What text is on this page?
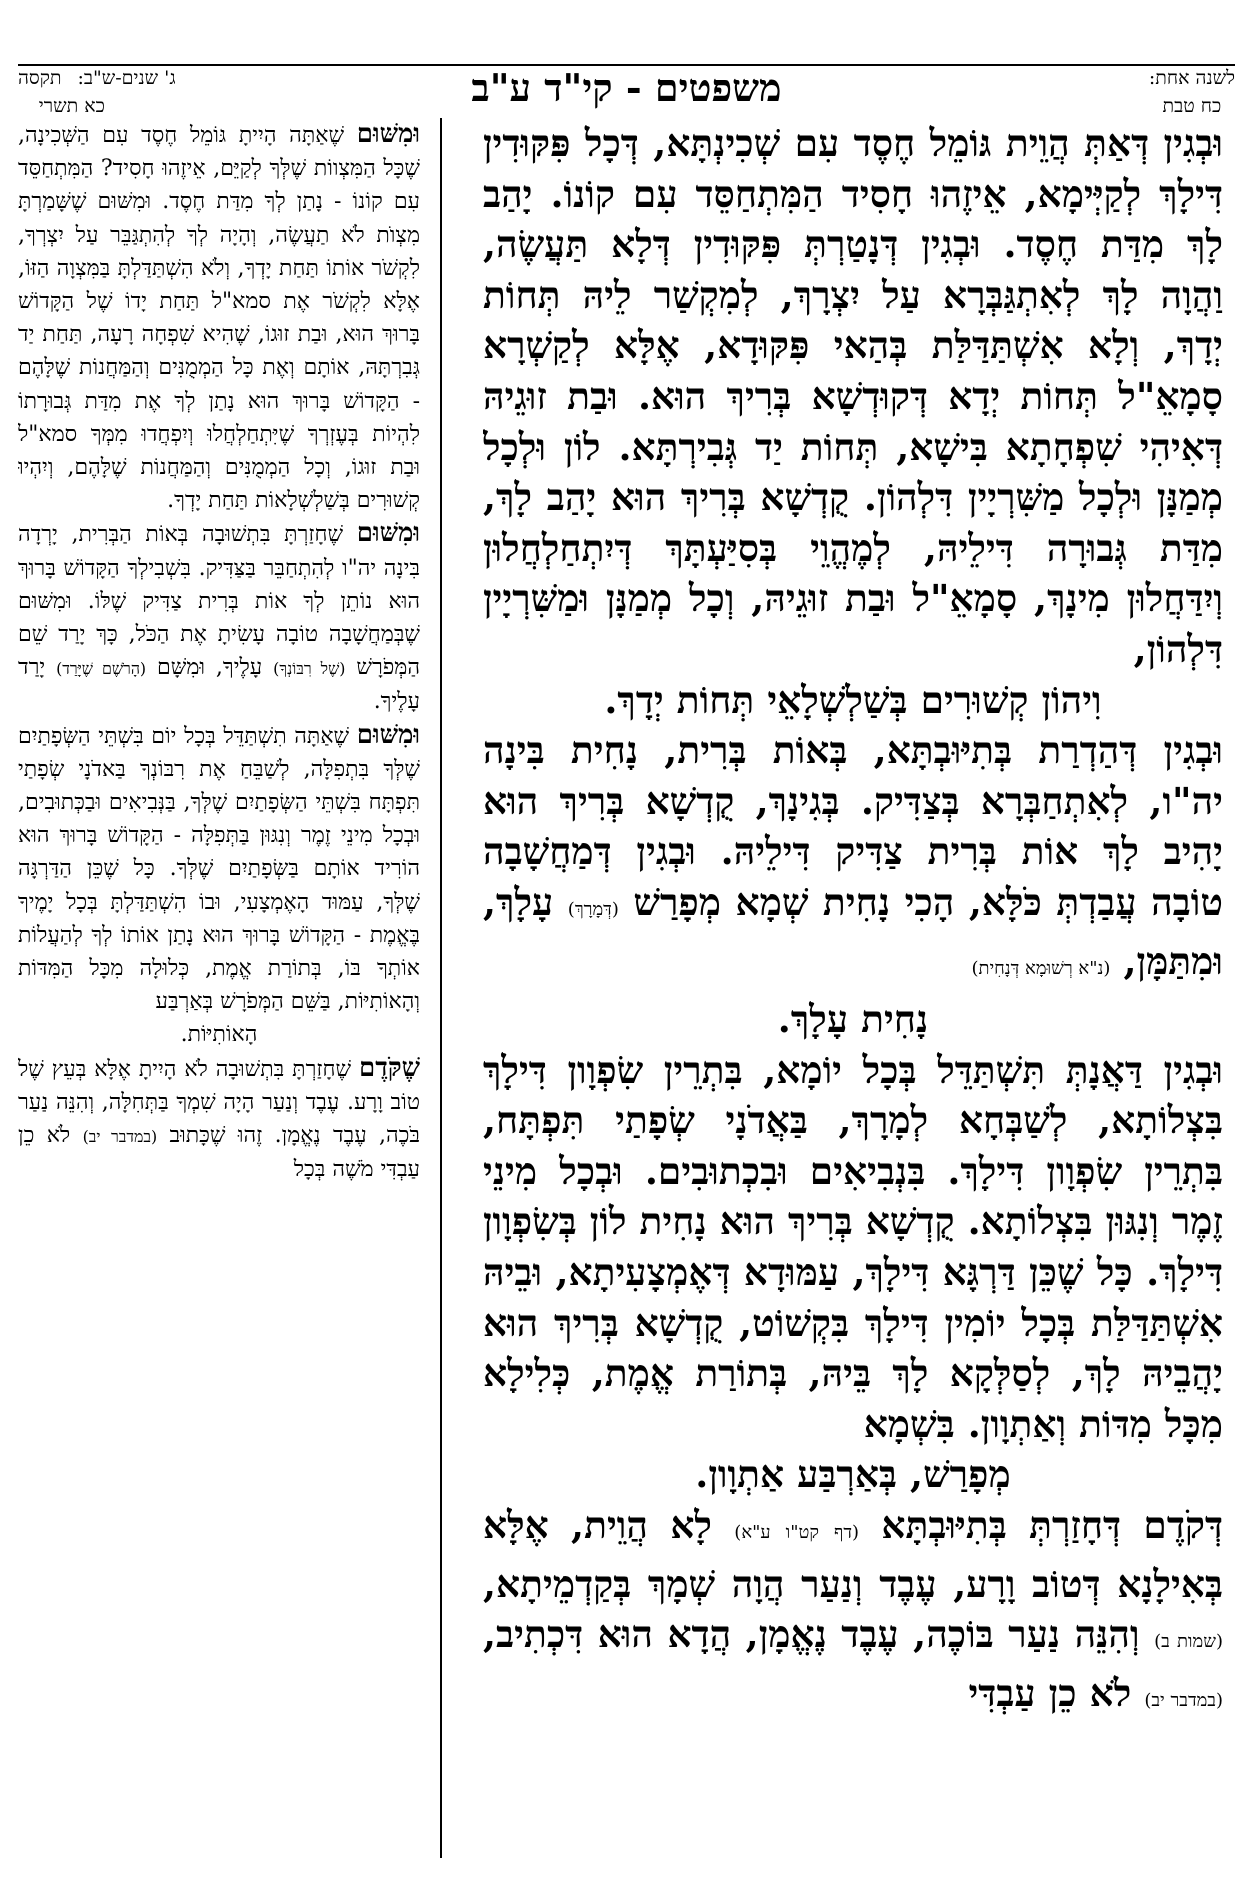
לשנה אחת:
כח טבת
משפטים - קי"ד ע"ב
ג' שנים-ש"ב:
תקסה
כא תשרי

וּבְגִין דְּאַתְּ הֲוֵית גּוֹמֵל חֶסֶד עִם שְׁכִינְתָּא, דְּכָל פִּקּוּדִין דִּילָךְ לְקַיְּימָא, אֵיזֶהוּ חָסִיד הַמִּתְחַסֵּד עִם קוֹנוֹ. יָהַב לָךְ מִדַּת חֶסֶד. וּבְגִין דְּנָטַרְתְּ פִּקּוּדִין דְּלָא תַּעֲשֶׂה, וַהֲוָה לָךְ לְאִתְגַּבְּרָא עַל יִצְרָךְ, לְמִקְשַׁר לֵיהּ תְּחוֹת יְדָךְ, וְלָא אִשְׁתַּדַּלַּת בְּהַאי פִּקּוּדָא, אֶלָּא לְקַשְׁרָא סָמָאֵ"ל תְּחוֹת יְדָא דְּקוּדְשָׁא בְּרִיךְ הוּא. וּבַת זוּגֵיהּ דְּאִיהִי שִׁפְחָתָא בִּישָׁא, תְּחוֹת יַד גְּבִירְתָּא. לוֹן וּלְכָל מְמַנָּן וּלְכָל מַשִּׁרְיָין דִּלְהוֹן. קֻדְשָׁא בְּרִיךְ הוּא יָהַב לָךְ, מִדַּת גְּבוּרָה דִּילֵיהּ, לְמֶהֱוֵי בְּסִיַּעְתָּךְ דְּיִתְחַלְחֲלוּן וְיִדַּחֲלוּן מִינָךְ, סָמָאֵ"ל וּבַת זוּגֵיהּ, וְכָל מְמַנָּן וּמַשִּׁרְיָין דִּלְהוֹן,

וִיהוֹן קְשׁוּרִים בְּשַׁלְשְׁלָאֵי תְּחוֹת יְדָךְ.

וּבְגִין דְּהַדְרַת בְּתִיּוּבְתָּא, בְּאוֹת בְּרִית, נָחִית בִּינָה יה"ו, לְאִתְחַבְּרָא בְּצַדִּיק. בְּגִינָךְ, קֻדְשָׁא בְּרִיךְ הוּא יָהִיב לָךְ אוֹת בְּרִית צַדִּיק דִּילֵיהּ. וּבְגִין דְּמַחֲשָׁבָה טוֹבָה עֲבַדְתְּ כֹּלָּא, הָכִי נָחִית שְׁמָא מְפָרַשׁ (דְּמָרָךְ) עָלָךְ, וּמִתַּמָּן, (נ"א רְשׁוּמָא דְּנָחִית)

נָחִית עָלָךְ.

וּבְגִין דַּאֲנָתְּ תִּשְׁתַּדֵּל בְּכָל יוֹמָא, בִּתְרֵין שִׂפְוָון דִּילָךְ בִּצְלוֹתָא, לְשַׁבְּחָא לְמָרָךְ, בַּאֲדֹנָי שְׂפָתַי תִּפְתָּח, בִּתְרֵין שִׂפְוָון דִּילָךְ. בִּנְבִיאִים וּבִכְתוּבִים. וּבְכָל מִינֵי זֶמֶר וְנִגּוּן בִּצְלוֹתָא. קֻדְשָׁא בְּרִיךְ הוּא נָחִית לוֹן בְּשִׂפְוָון דִּילָךְ. כָּל שֶׁכֵּן דַּרְגָּא דִּילָךְ, עַמּוּדָא דְּאֶמְצָעִיתָא, וּבֵיהּ אִשְׁתַּדַּלַּת בְּכָל יוֹמִין דִּילָךְ בִּקְשׁוֹט, קֻדְשָׁא בְּרִיךְ הוּא יָהֲבֵיהּ לָךְ, לְסַלְּקָא לָךְ בֵּיהּ, בְּתוֹרַת אֱמֶת, כְּלִילָא מִכָּל מִדּוֹת וְאַתְוָון. בִּשְׁמָא

מְפָרַשׁ, בְּאַרְבַּע אַתְוָון.

דְּקֹדֶם דְּחָזַרְתְּ בְּתִיּוּבְתָּא (דף קט"ו ע"א) לָא הֲוֵית, אֶלָּא בְּאִילָנָא דְּטוֹב וָרָע, עֶבֶד וְנַעַר הֲוָה שְׁמָךְ בְּקַדְמֵיתָא, (שמות ב) וְהִנֵּה נַעַר בּוֹכֶה, עֶבֶד נֶאֱמָן, הֲדָא הוּא דִּכְתִיב, (במדבר יב) לֹא כֵן עַבְדִּי

וּמִשּׁוּם שֶׁאַתָּה הָיִיתָ גּוֹמֵל חֶסֶד עִם הַשְּׁכִינָה, שֶׁכָּל הַמִּצְווֹת שֶׁלְּךָ לְקַיֵּם, אֵיזֶהוּ חָסִיד? הַמִּתְחַסֵּד עִם קוֹנוֹ - נָתַן לְךָ מִדַּת חֶסֶד. וּמִשּׁוּם שֶׁשָּׁמַרְתָּ מִצְוֺת לֹא תַעֲשֶׂה, וְהָיָה לְךָ לְהִתְגַּבֵּר עַל יִצְרְךָ, לִקְשֹׁר אוֹתוֹ תַּחַת יָדְךָ, וְלֹא הִשְׁתַּדַּלְתָּ בַּמִּצְוָה הַזּוֹ, אֶלָּא לִקְשֹׁר אֶת סמא"ל תַּחַת יָדוֹ שֶׁל הַקָּדוֹשׁ בָּרוּךְ הוּא, וּבַת זוּגוֹ, שֶׁהִיא שִׁפְחָה רָעָה, תַּחַת יַד גְּבִרְתָּהּ, אוֹתָם וְאֶת כָּל הַמְמֻנִּים וְהַמַּחֲנוֹת שֶׁלָּהֶם - הַקָּדוֹשׁ בָּרוּךְ הוּא נָתַן לְךָ אֶת מִדַּת גְּבוּרָתוֹ לִהְיוֹת בְּעֶזְרְךָ שֶׁיִּתְחַלְחֲלוּ וְיִפְחֲדוּ מִמְּךָ סמא"ל וּבַת זוּגוֹ, וְכָל הַמְמֻנִּים וְהַמַּחֲנוֹת שֶׁלָּהֶם, וְיִהְיוּ קְשׁוּרִים בְּשַׁלְשְׁלָאוֹת תַּחַת יָדְךָ.

וּמִשּׁוּם שֶׁחָזַרְתָּ בִּתְשׁוּבָה בְּאוֹת הַבְּרִית, יָרְדָה בִּינָה יה"ו לְהִתְחַבֵּר בַּצַּדִּיק. בִּשְׁבִילְךָ הַקָּדוֹשׁ בָּרוּךְ הוּא נוֹתֵן לְךָ אוֹת בְּרִית צַדִּיק שֶׁלּוֹ. וּמִשּׁוּם שֶׁבְּמַחֲשָׁבָה טוֹבָה עָשִׂיתָ אֶת הַכֹּל, כָּךְ יָרַד שֵׁם הַמְּפֹרָשׁ (שֶׁל רִבּוֹנְךָ) עָלֶיךָ, וּמִשָּׁם (הָרֹשֶׁם שֶׁיָּרַד) יָרַד עָלֶיךָ.

וּמִשּׁוּם שֶׁאַתָּה תִשְׁתַּדֵּל בְּכָל יוֹם בִּשְׁתֵּי הַשְּׂפָתַיִם שֶׁלְּךָ בִּתְפִלָּה, לְשַׁבֵּחַ אֶת רִבּוֹנְךָ בַּאדֹנָי שְׂפָתַי תִּפְתָּח בִּשְׁתֵּי הַשְּׂפָתַיִם שֶׁלְּךָ, בַּנְּבִיאִים וּבַכְּתוּבִים, וּבְכָל מִינֵי זֶמֶר וְנִגּוּן בַּתְּפִלָּה - הַקָּדוֹשׁ בָּרוּךְ הוּא הוֹרִיד אוֹתָם בַּשְּׂפָתַיִם שֶׁלְּךָ. כָּל שֶׁכֵּן הַדַּרְגָּה שֶׁלְּךָ, עַמּוּד הָאֶמְצָעִי, וּבוֹ הִשְׁתַּדַּלְתָּ בְּכָל יָמֶיךָ בֶּאֱמֶת - הַקָּדוֹשׁ בָּרוּךְ הוּא נָתַן אוֹתוֹ לְךָ לְהַעֲלוֹת אוֹתְךָ בּוֹ, בְּתוֹרַת אֱמֶת, כְּלוּלָה מִכָּל הַמִּדּוֹת וְהָאוֹתִיּוֹת, בַּשֵּׁם הַמְּפֹרָשׁ בְּאַרְבַּע

הָאוֹתִיּוֹת.

שֶׁקֹּדֶם שֶׁחָזַרְתָּ בִּתְשׁוּבָה לֹא הָיִיתָ אֶלָּא בְּעֵץ שֶׁל טוֹב וָרָע. עֶבֶד וְנַעַר הָיָה שִׁמְךָ בַּתְּחִלָּה, וְהִנֵּה נַעַר בֹּכֶה, עֶבֶד נֶאֱמָן. זֶהוּ שֶׁכָּתוּב (במדבר יב) לֹא כֵן עַבְדִּי מֹשֶׁה בְּכָל
